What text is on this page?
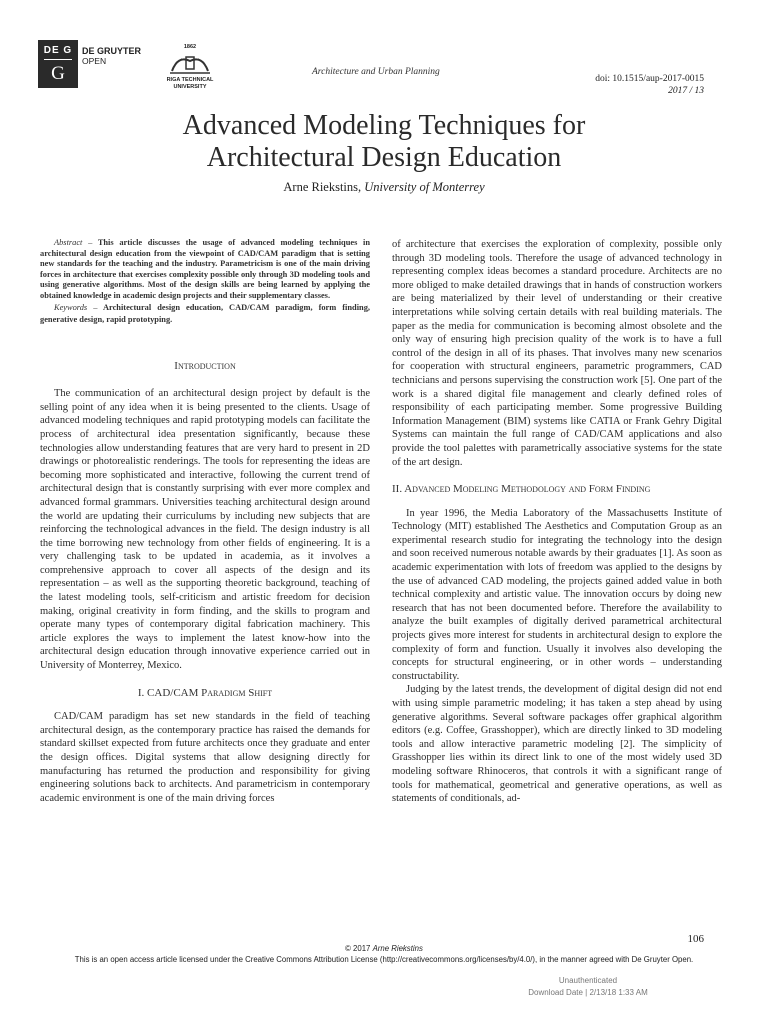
DE G
G
DE GRUYTER
OPEN
1862
RIGA TECHNICAL
UNIVERSITY
Architecture and Urban Planning
doi: 10.1515/aup-2017-0015
2017 / 13
Advanced Modeling Techniques for
Architectural Design Education
Arne Riekstins, University of Monterrey

Abstract – This article discusses the usage of advanced modeling techniques in architectural design education from the viewpoint of CAD/CAM paradigm that is setting new standards for the teaching and the industry. Parametricism is one of the main driving forces in architecture that exercises complexity possible only through 3D modeling tools and using generative algorithms. Most of the design skills are being learned by applying the obtained knowledge in academic design projects and their supplementary classes.

Keywords – Architectural design education, CAD/CAM paradigm, form finding, generative design, rapid prototyping.

Introduction

The communication of an architectural design project by default is the selling point of any idea when it is being presented to the clients. Usage of advanced modeling techniques and rapid prototyping models can facilitate the process of architectural idea presentation significantly, because these technologies allow understanding features that are very hard to present in 2D drawings or photorealistic renderings. The tools for representing the ideas are becoming more sophisticated and interactive, following the current trend of architectural design that is constantly surprising with ever more complex and advanced formal grammars. Universities teaching architectural design around the world are updating their curriculums by including new subjects that are reinforcing the technological advances in the field. The design industry is all the time borrowing new technology from other fields of engineering. It is a very challenging task to be updated in academia, as it involves a comprehensive approach to cover all aspects of the design and its representation – as well as the supporting theoretic background, teaching of the latest modeling tools, self-criticism and artistic freedom for decision making, original creativity in form finding, and the skills to program and operate many types of contemporary digital fabrication machinery. This article explores the ways to implement the latest know-how into the architectural design education through innovative experience carried out in University of Monterrey, Mexico.

I. CAD/CAM Paradigm Shift

CAD/CAM paradigm has set new standards in the field of teaching architectural design, as the contemporary practice has raised the demands for standard skillset expected from future architects once they graduate and enter the design offices. Digital systems that allow designing directly for manufacturing has returned the production and responsibility for giving engineering solutions back to architects. And parametricism in contemporary academic environment is one of the main driving forces

of architecture that exercises the exploration of complexity, possible only through 3D modeling tools. Therefore the usage of advanced technology in representing complex ideas becomes a standard procedure. Architects are no more obliged to make detailed drawings that in hands of construction workers are being materialized by their level of understanding or their creative interpretations while solving certain details with real building materials. The paper as the media for communication is becoming almost obsolete and the only way of ensuring high precision quality of the work is to have a full control of the design in all of its phases. That involves many new scenarios for cooperation with structural engineers, parametric programmers, CAD technicians and persons supervising the construction work [5]. One part of the work is a shared digital file management and clearly defined roles of responsibility of each participating member. Some progressive Building Information Management (BIM) systems like CATIA or Frank Gehry Digital Systems can maintain the full range of CAD/CAM applications and also provide the tool palettes with parametrically associative systems for the state of the art design.

II. Advanced Modeling Methodology and Form Finding

In year 1996, the Media Laboratory of the Massachusetts Institute of Technology (MIT) established The Aesthetics and Computation Group as an experimental research studio for integrating the technology into the design and soon received numerous notable awards by their graduates [1]. As soon as academic experimentation with lots of freedom was applied to the designs by the use of advanced CAD modeling, the projects gained added value in both technical complexity and artistic value. The innovation occurs by doing new research that has not been documented before. Therefore the availability to analyze the built examples of digitally derived parametrical architectural projects gives more interest for students in architectural design to explore the complexity of form and function. Usually it involves also developing the concepts for structural engineering, or in other words – understanding constructability.

Judging by the latest trends, the development of digital design did not end with using simple parametric modeling; it has taken a step ahead by using generative algorithms. Several software packages offer graphical algorithm editors (e.g. Coffee, Grasshopper), which are directly linked to 3D modeling tools and allow interactive parametric modeling [2]. The simplicity of Grasshopper lies within its direct link to one of the most widely used 3D modeling software Rhinoceros, that controls it with a significant range of tools for mathematical, geometrical and generative operations, as well as statements of conditionals, ad-

106
© 2017 Arne Riekstins
This is an open access article licensed under the Creative Commons Attribution License (http://creativecommons.org/licenses/by/4.0/), in the manner agreed with De Gruyter Open.
Unauthenticated
Download Date | 2/13/18 1:33 AM
